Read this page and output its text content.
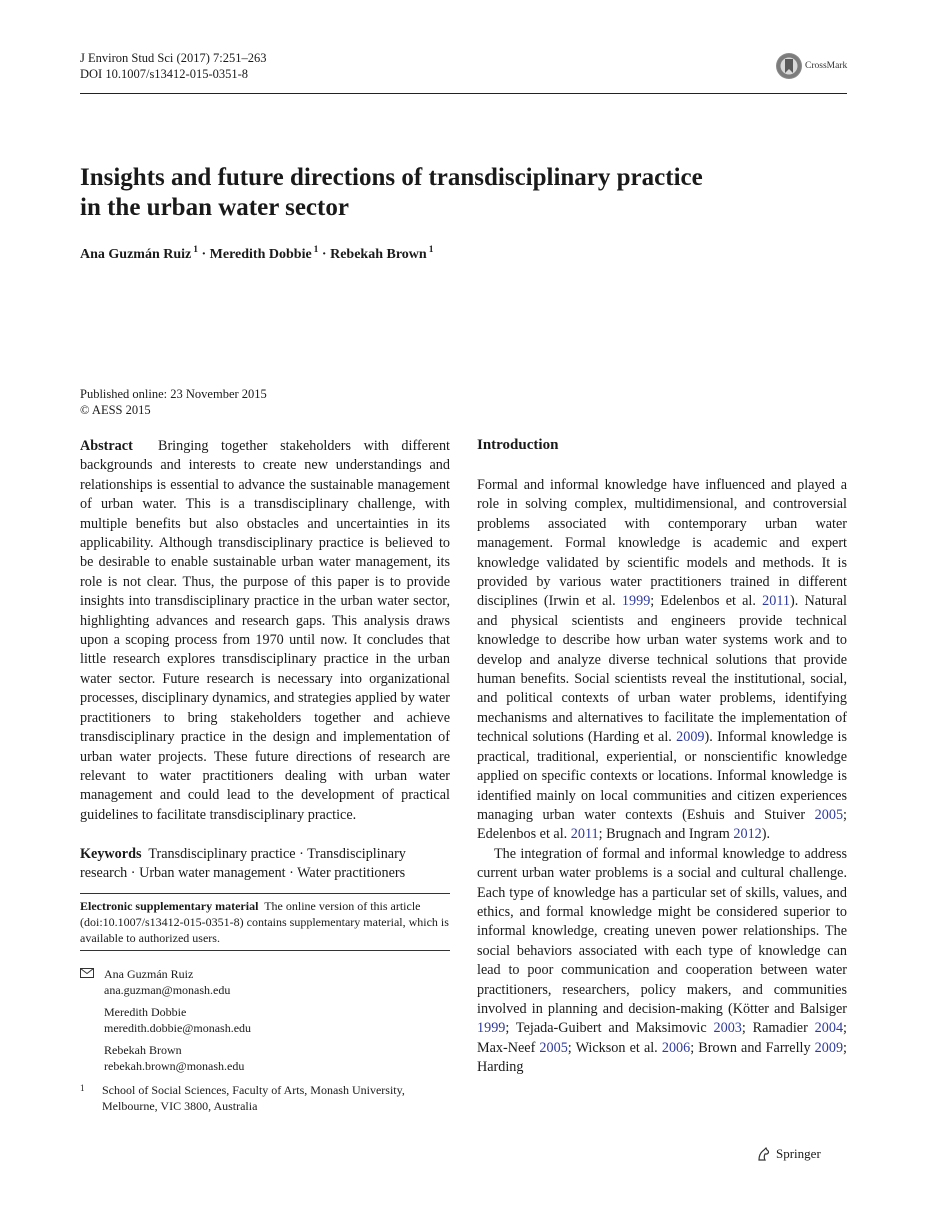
J Environ Stud Sci (2017) 7:251–263
DOI 10.1007/s13412-015-0351-8
CrossMark
Insights and future directions of transdisciplinary practice
in the urban water sector
Ana Guzmán Ruiz $^1$ · Meredith Dobbie $^1$ · Rebekah Brown $^1$
Published online: 23 November 2015
© AESS 2015

Abstract Bringing together stakeholders with different backgrounds and interests to create new understandings and relationships is essential to advance the sustainable management of urban water. This is a transdisciplinary challenge, with multiple benefits but also obstacles and uncertainties in its applicability. Although transdisciplinary practice is believed to be desirable to enable sustainable urban water management, its role is not clear. Thus, the purpose of this paper is to provide insights into transdisciplinary practice in the urban water sector, highlighting advances and research gaps. This analysis draws upon a scoping process from 1970 until now. It concludes that little research explores transdisciplinary practice in the urban water sector. Future research is necessary into organizational processes, disciplinary dynamics, and strategies applied by water practitioners to bring stakeholders together and achieve transdisciplinary practice in the design and implementation of urban water projects. These future directions of research are relevant to water practitioners dealing with urban water management and could lead to the development of practical guidelines to facilitate transdisciplinary practice.

Keywords Transdisciplinary practice · Transdisciplinary research · Urban water management · Water practitioners
Electronic supplementary material The online version of this article (doi:10.1007/s13412-015-0351-8) contains supplementary material, which is available to authorized users.
Ana Guzmán Ruiz
ana.guzman@monash.edu
Meredith Dobbie
meredith.dobbie@monash.edu
Rebekah Brown
rebekah.brown@monash.edu
1 School of Social Sciences, Faculty of Arts, Monash University, Melbourne, VIC 3800, Australia
Introduction

Formal and informal knowledge have influenced and played a role in solving complex, multidimensional, and controversial problems associated with contemporary urban water management. Formal knowledge is academic and expert knowledge validated by scientific models and methods. It is provided by various water practitioners trained in different disciplines (Irwin et al. 1999; Edelenbos et al. 2011). Natural and physical scientists and engineers provide technical knowledge to describe how urban water systems work and to develop and analyze diverse technical solutions that provide human benefits. Social scientists reveal the institutional, social, and political contexts of urban water problems, identifying mechanisms and alternatives to facilitate the implementation of technical solutions (Harding et al. 2009). Informal knowledge is practical, traditional, experiential, or nonscientific knowledge applied on specific contexts or locations. Informal knowledge is identified mainly on local communities and citizen experiences managing urban water contexts (Eshuis and Stuiver 2005; Edelenbos et al. 2011; Brugnach and Ingram 2012).

The integration of formal and informal knowledge to address current urban water problems is a social and cultural challenge. Each type of knowledge has a particular set of skills, values, and ethics, and formal knowledge might be considered superior to informal knowledge, creating uneven power relationships. The social behaviors associated with each type of knowledge can lead to poor communication and cooperation between water practitioners, researchers, policy makers, and communities involved in planning and decision-making (Kötter and Balsiger 1999; Tejada-Guibert and Maksimovic 2003; Ramadier 2004; Max-Neef 2005; Wickson et al. 2006; Brown and Farrelly 2009; Harding

Springer
